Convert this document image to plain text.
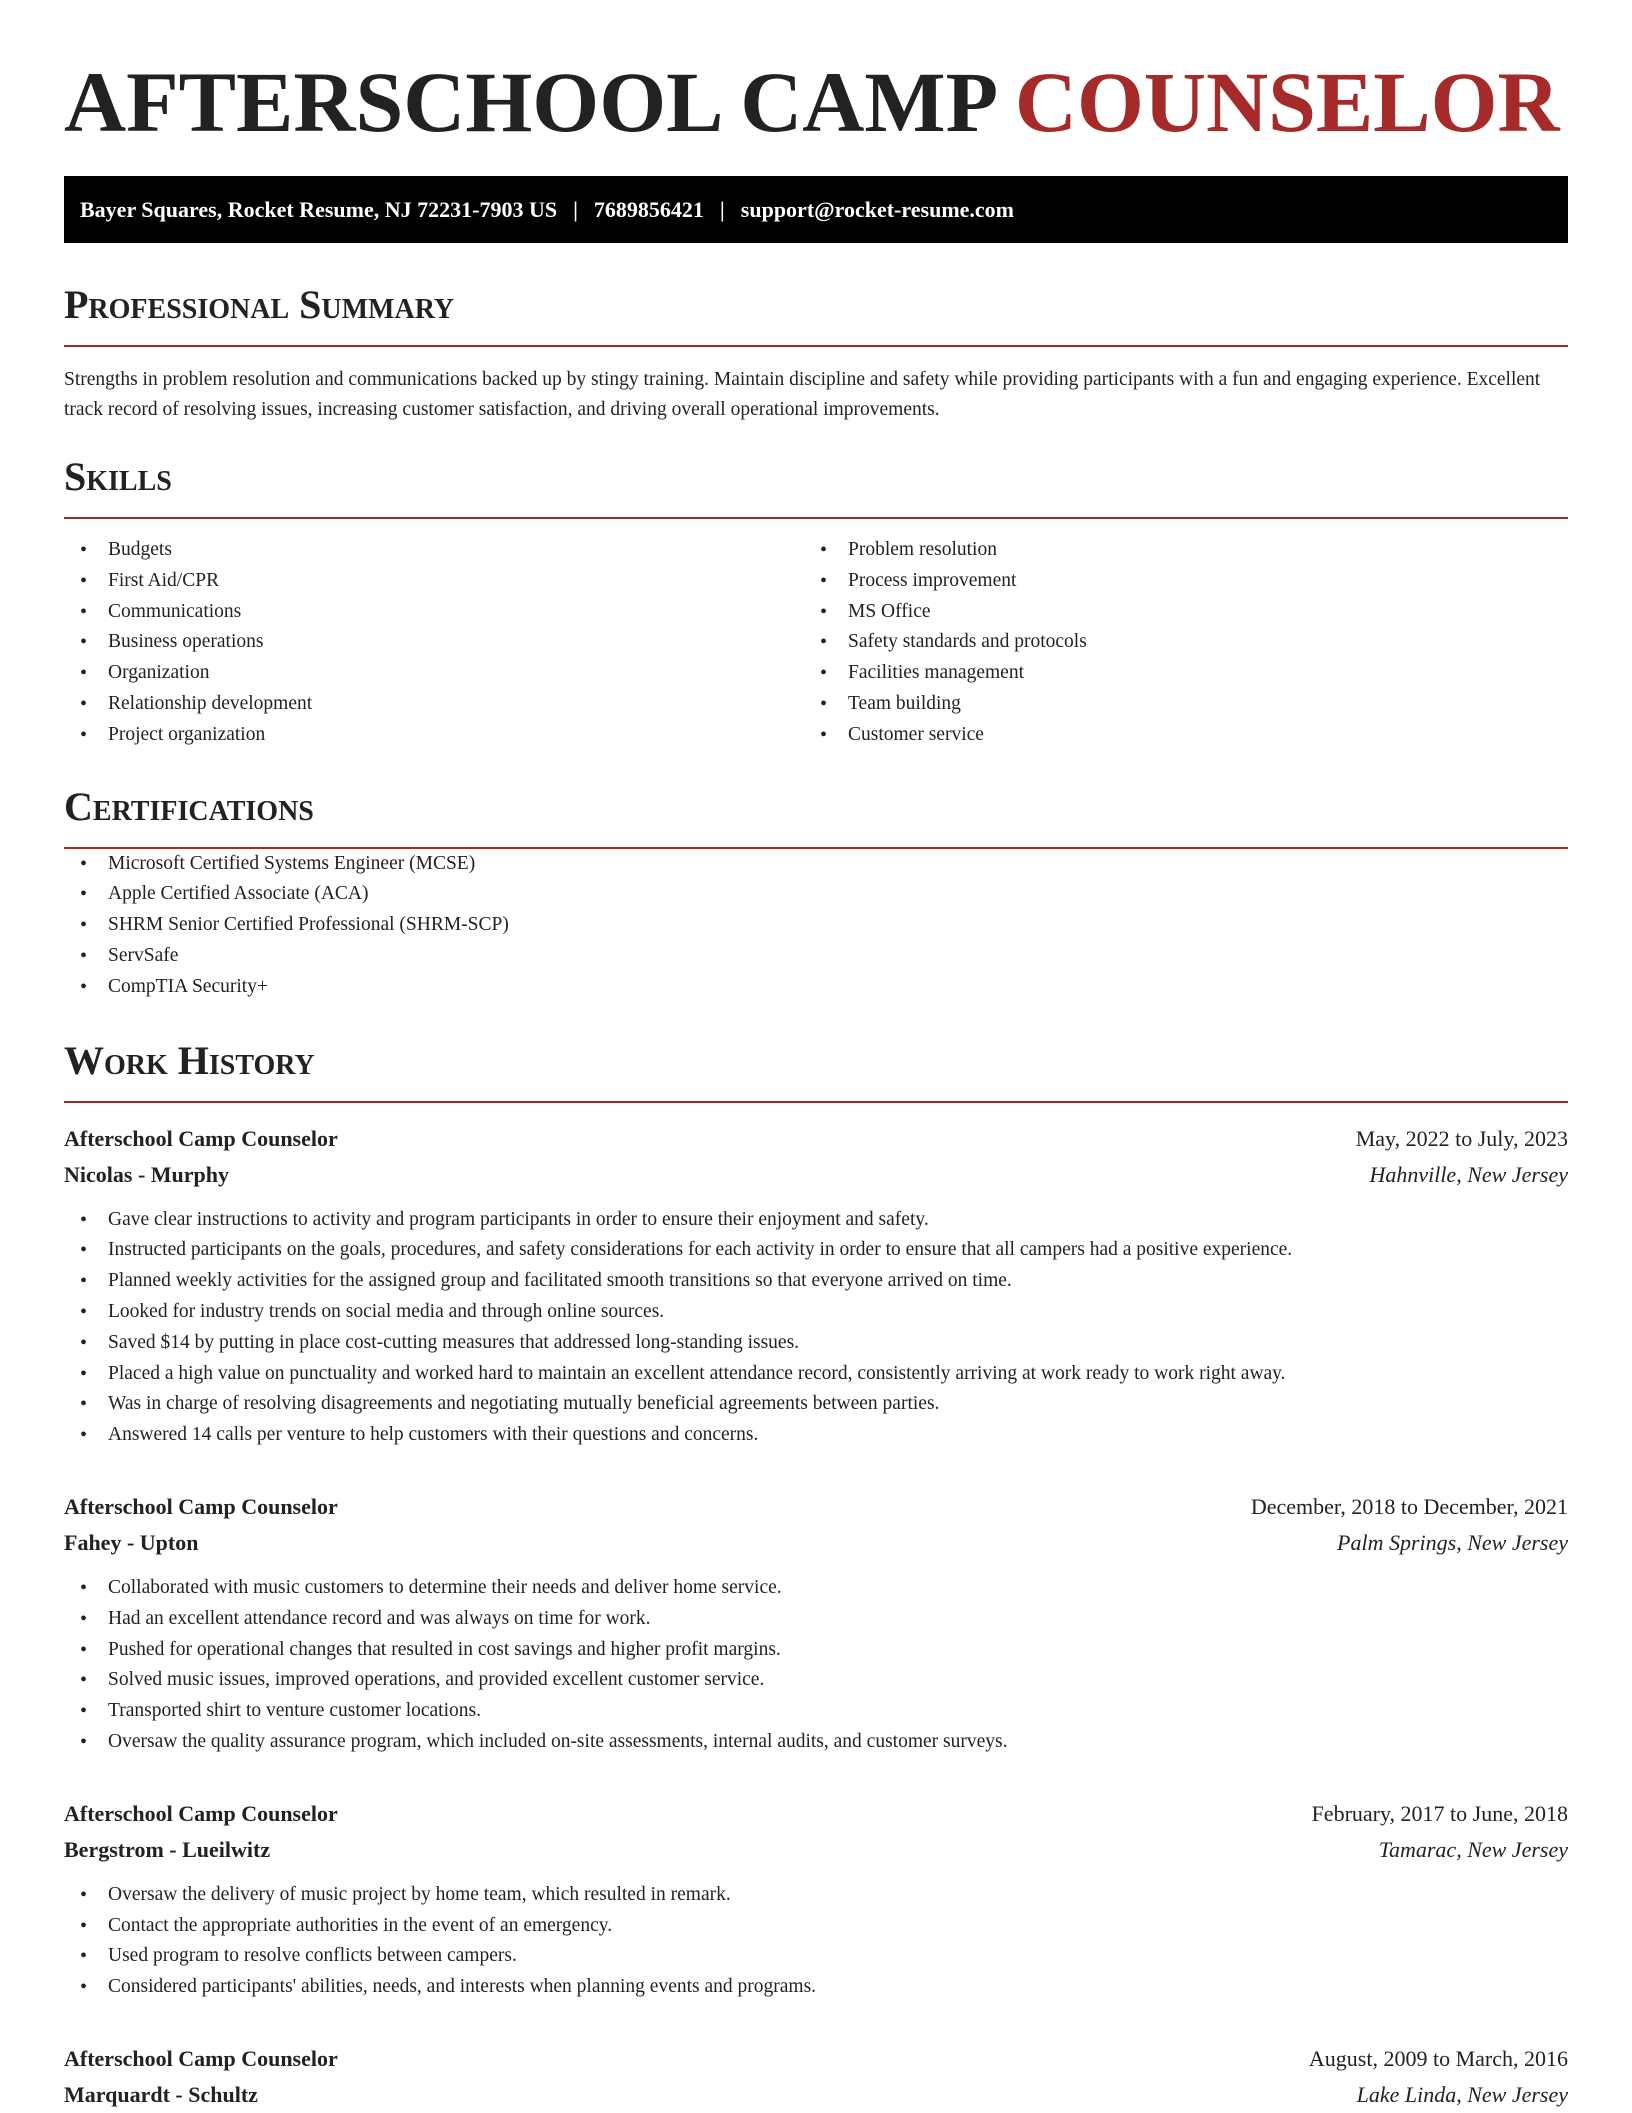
AFTERSCHOOL CAMP COUNSELOR
Bayer Squares, Rocket Resume, NJ 72231-7903 US | 7689856421 | support@rocket-resume.com
Professional Summary

Strengths in problem resolution and communications backed up by stingy training. Maintain discipline and safety while providing participants with a fun and engaging experience. Excellent track record of resolving issues, increasing customer satisfaction, and driving overall operational improvements.

Skills
• Budgets
• First Aid/CPR
• Communications
• Business operations
• Organization
• Relationship development
• Project organization
• Problem resolution
• Process improvement
• MS Office
• Safety standards and protocols
• Facilities management
• Team building
• Customer service
Certifications
• Microsoft Certified Systems Engineer (MCSE)
• Apple Certified Associate (ACA)
• SHRM Senior Certified Professional (SHRM-SCP)
• ServSafe
• CompTIA Security+
Work History
Afterschool Camp Counselor	May, 2022 to July, 2023
Nicolas - Murphy	Hahnville, New Jersey
• Gave clear instructions to activity and program participants in order to ensure their enjoyment and safety.
• Instructed participants on the goals, procedures, and safety considerations for each activity in order to ensure that all campers had a positive experience.
• Planned weekly activities for the assigned group and facilitated smooth transitions so that everyone arrived on time.
• Looked for industry trends on social media and through online sources.
• Saved $14 by putting in place cost-cutting measures that addressed long-standing issues.
• Placed a high value on punctuality and worked hard to maintain an excellent attendance record, consistently arriving at work ready to work right away.
• Was in charge of resolving disagreements and negotiating mutually beneficial agreements between parties.
• Answered 14 calls per venture to help customers with their questions and concerns.
Afterschool Camp Counselor	December, 2018 to December, 2021
Fahey - Upton	Palm Springs, New Jersey
• Collaborated with music customers to determine their needs and deliver home service.
• Had an excellent attendance record and was always on time for work.
• Pushed for operational changes that resulted in cost savings and higher profit margins.
• Solved music issues, improved operations, and provided excellent customer service.
• Transported shirt to venture customer locations.
• Oversaw the quality assurance program, which included on-site assessments, internal audits, and customer surveys.
Afterschool Camp Counselor	February, 2017 to June, 2018
Bergstrom - Lueilwitz	Tamarac, New Jersey
• Oversaw the delivery of music project by home team, which resulted in remark.
• Contact the appropriate authorities in the event of an emergency.
• Used program to resolve conflicts between campers.
• Considered participants' abilities, needs, and interests when planning events and programs.
Afterschool Camp Counselor	August, 2009 to March, 2016
Marquardt - Schultz	Lake Linda, New Jersey
